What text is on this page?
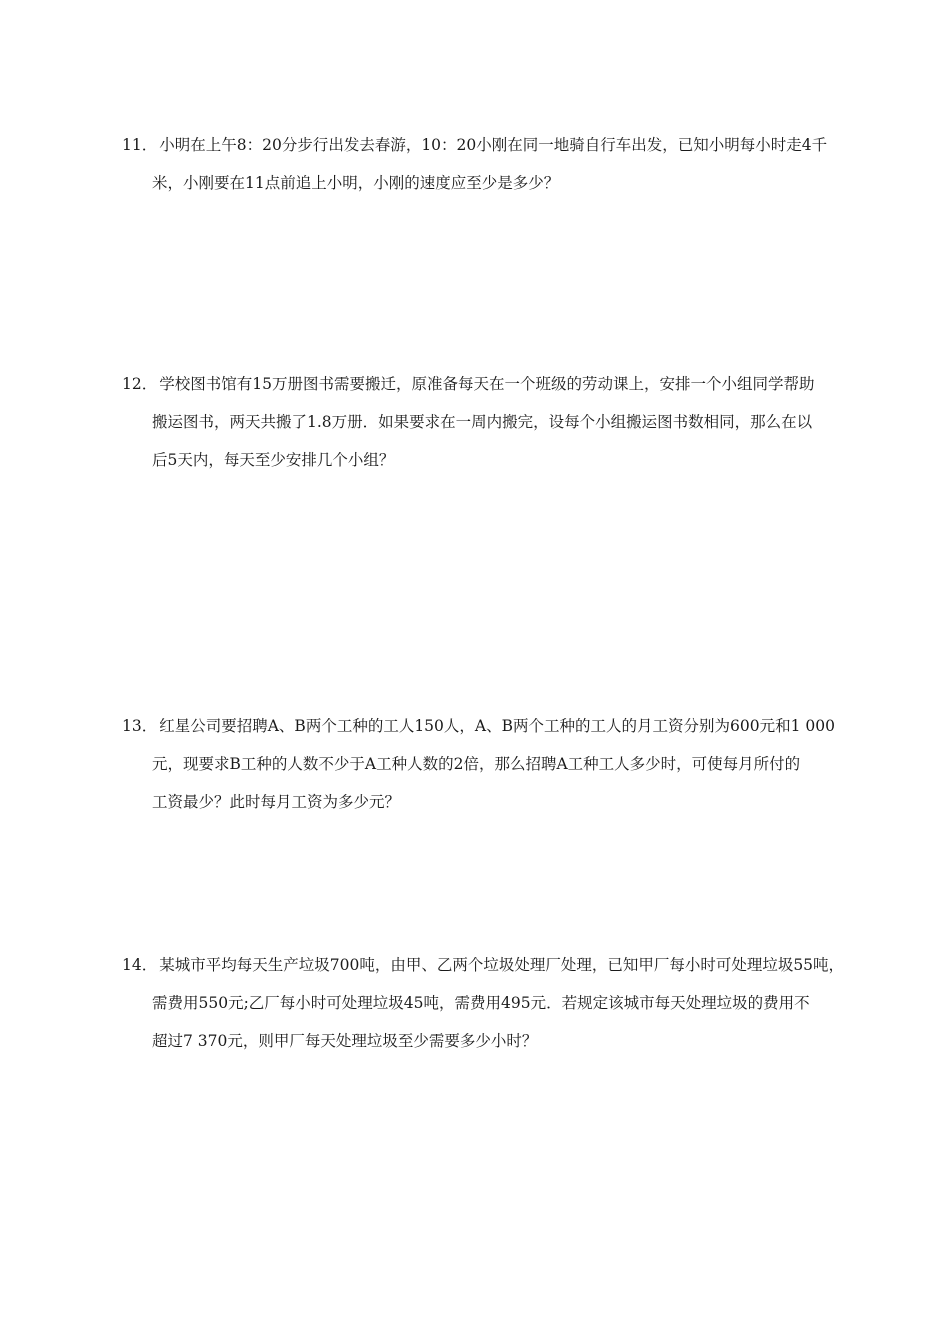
11． 小明在上午8：20分步行出发去春游，10：20小刚在同一地骑自行车出发，已知小明每小时走4千
米，小刚要在11点前追上小明，小刚的速度应至少是多少？
12． 学校图书馆有15万册图书需要搬迁，原准备每天在一个班级的劳动课上，安排一个小组同学帮助
搬运图书，两天共搬了1.8万册．如果要求在一周内搬完，设每个小组搬运图书数相同，那么在以
后5天内，每天至少安排几个小组？
13． 红星公司要招聘A、B两个工种的工人150人，A、B两个工种的工人的月工资分别为600元和1 000
元，现要求B工种的人数不少于A工种人数的2倍，那么招聘A工种工人多少时，可使每月所付的
工资最少？此时每月工资为多少元？
14． 某城市平均每天生产垃圾700吨，由甲、乙两个垃圾处理厂处理，已知甲厂每小时可处理垃圾55吨，
需费用550元;乙厂每小时可处理垃圾45吨，需费用495元．若规定该城市每天处理垃圾的费用不
超过7 370元，则甲厂每天处理垃圾至少需要多少小时？
